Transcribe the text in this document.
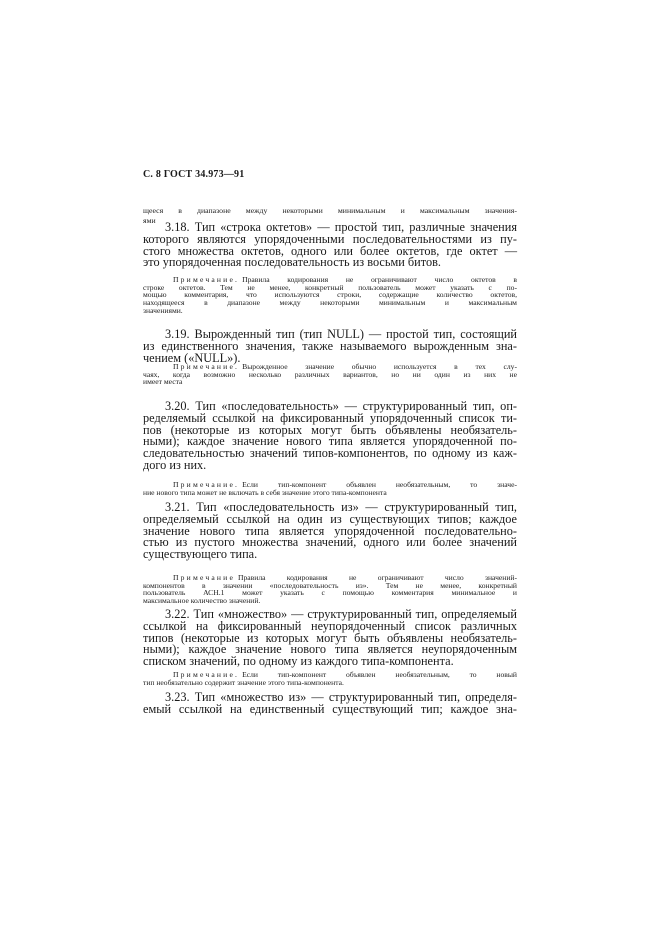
С. 8 ГОСТ 34.973—91
щееся в диапазоне между некоторыми минимальным и максимальным значения-
ями 3.18. Тип «строка октетов» — простой тип, различные значения
которого являются упорядоченными последовательностями из пу-
стого множества октетов, одного или более октетов, где октет —
это упорядоченная последовательность из восьми битов.
Примечание. Правила кодирования не ограничивают число октетов в
строке октетов. Тем не менее, конкретный пользователь может указать с по-
мощью комментария, что используются строки, содержащие количество октетов,
находящееся в диапазоне между некоторыми минимальным и максимальным
значениями.
3.19. Вырожденный тип (тип NULL) — простой тип, состоящий
из единственного значения, также называемого вырожденным зна-
чением («NULL»).
Примечание. Вырожденное значение обычно используется в тех слу-
чаях, когда возможно несколько различных вариантов, но ни один из них не
имеет места
3.20. Тип «последовательность» — структурированный тип, оп-
ределяемый ссылкой на фиксированный упорядоченный список ти-
пов (некоторые из которых могут быть объявлены необязатель-
ными); каждое значение нового типа является упорядоченной по-
следовательностью значений типов-компонентов, по одному из каж-
дого из них.
Примечание. Если тип-компонент объявлен необязательным, то значе-
ние нового типа может не включать в себя значение этого типа-компонента
3.21. Тип «последовательность из» — структурированный тип,
определяемый ссылкой на один из существующих типов; каждое
значение нового типа является упорядоченной последовательно-
стью из пустого множества значений, одного или более значений
существующего типа.
Примечание Правила кодирования не ограничивают число значений-
компонентов в значении «последовательность из». Тем не менее, конкретный
пользователь АСН.1 может указать с помощью комментария минимальное и
максимальное количество значений.
3.22. Тип «множество» — структурированный тип, определяемый
ссылкой на фиксированный неупорядоченный список различных
типов (некоторые из которых могут быть объявлены необязатель-
ными); каждое значение нового типа является неупорядоченным
списком значений, по одному из каждого типа-компонента.
Примечание. Если тип-компонент объявлен необязательным, то новый
тип необязательно содержит значение этого типа-компонента.
3.23. Тип «множество из» — структурированный тип, определя-
емый ссылкой на единственный существующий тип; каждое зна-
